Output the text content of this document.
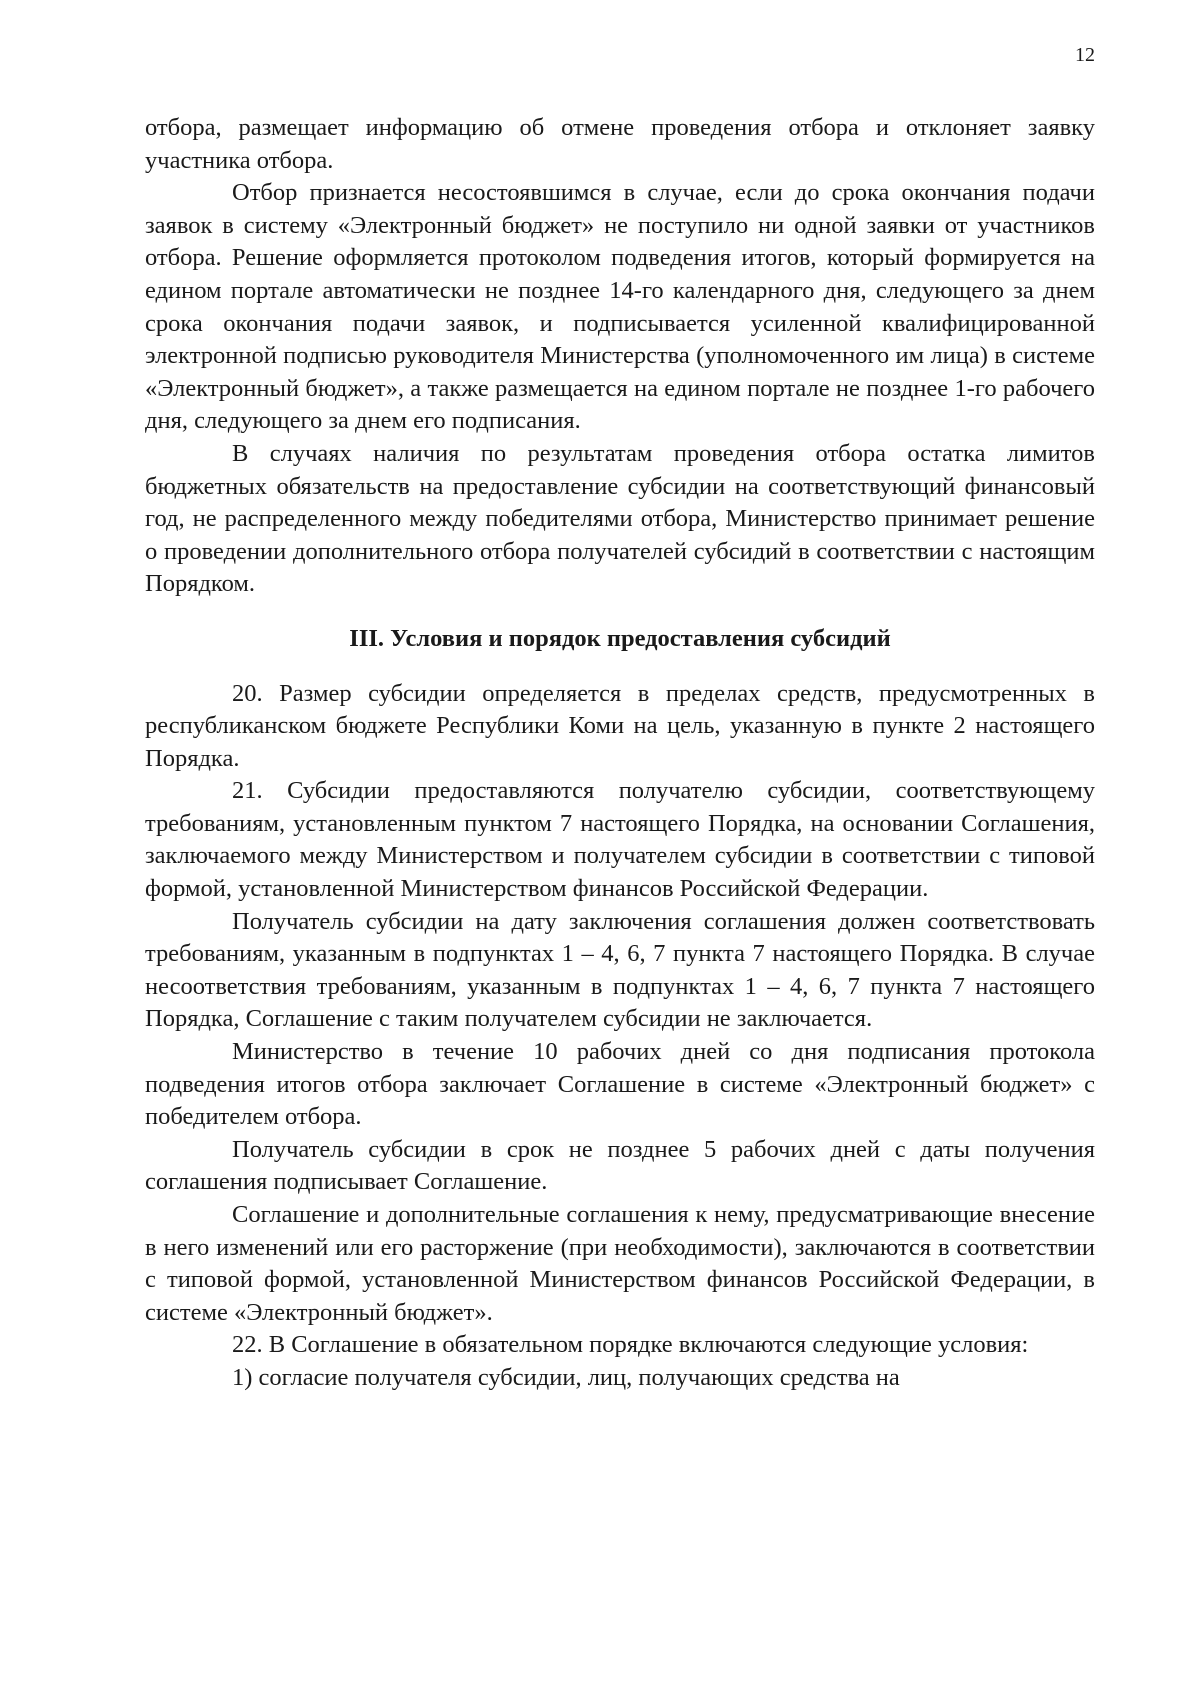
12

отбора, размещает информацию об отмене проведения отбора и отклоняет заявку участника отбора.

Отбор признается несостоявшимся в случае, если до срока окончания подачи заявок в систему «Электронный бюджет» не поступило ни одной заявки от участников отбора. Решение оформляется протоколом подведения итогов, который формируется на едином портале автоматически не позднее 14-го календарного дня, следующего за днем срока окончания подачи заявок, и подписывается усиленной квалифицированной электронной подписью руководителя Министерства (уполномоченного им лица) в системе «Электронный бюджет», а также размещается на едином портале не позднее 1-го рабочего дня, следующего за днем его подписания.

В случаях наличия по результатам проведения отбора остатка лимитов бюджетных обязательств на предоставление субсидии на соответствующий финансовый год, не распределенного между победителями отбора, Министерство принимает решение о проведении дополнительного отбора получателей субсидий в соответствии с настоящим Порядком.

III. Условия и порядок предоставления субсидий

20. Размер субсидии определяется в пределах средств, предусмотренных в республиканском бюджете Республики Коми на цель, указанную в пункте 2 настоящего Порядка.

21. Субсидии предоставляются получателю субсидии, соответствующему требованиям, установленным пунктом 7 настоящего Порядка, на основании Соглашения, заключаемого между Министерством и получателем субсидии в соответствии с типовой формой, установленной Министерством финансов Российской Федерации.

Получатель субсидии на дату заключения соглашения должен соответствовать требованиям, указанным в подпунктах 1 – 4, 6, 7 пункта 7 настоящего Порядка. В случае несоответствия требованиям, указанным в подпунктах 1 – 4, 6, 7 пункта 7 настоящего Порядка, Соглашение с таким получателем субсидии не заключается.

Министерство в течение 10 рабочих дней со дня подписания протокола подведения итогов отбора заключает Соглашение в системе «Электронный бюджет» с победителем отбора.

Получатель субсидии в срок не позднее 5 рабочих дней с даты получения соглашения подписывает Соглашение.

Соглашение и дополнительные соглашения к нему, предусматривающие внесение в него изменений или его расторжение (при необходимости), заключаются в соответствии с типовой формой, установленной Министерством финансов Российской Федерации, в системе «Электронный бюджет».

22. В Соглашение в обязательном порядке включаются следующие условия:

1) согласие получателя субсидии, лиц, получающих средства на
